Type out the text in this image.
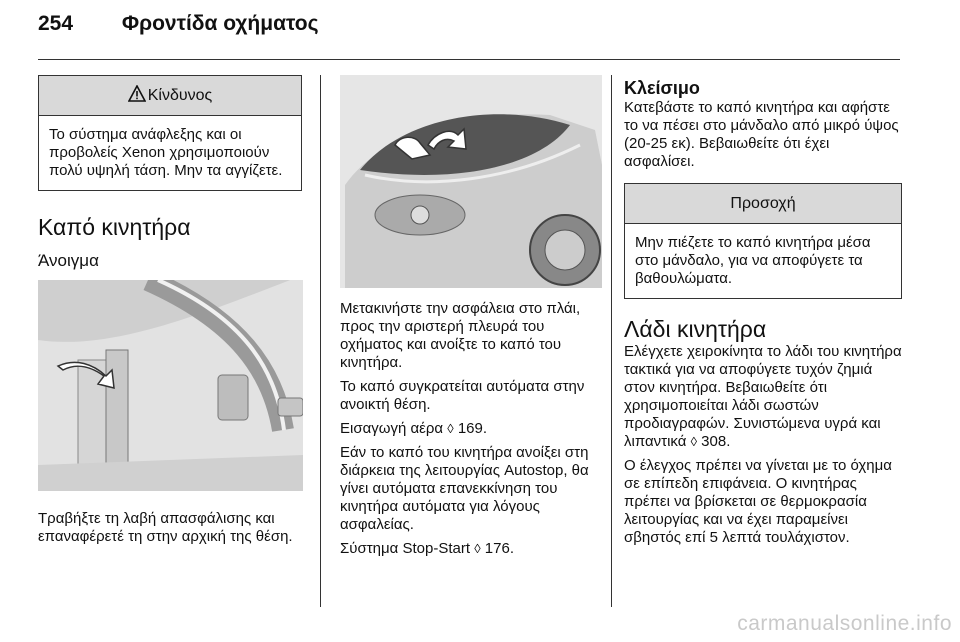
254 Φροντίδα οχήματος
Κίνδυνος
Το σύστημα ανάφλεξης και οι προβολείς Xenon χρησιμοποιούν πολύ υψηλή τάση. Μην τα αγγίζετε.
Καπό κινητήρα
Άνοιγμα

Τραβήξτε τη λαβή απασφάλισης και επαναφέρετέ τη στην αρχική της θέση.

Μετακινήστε την ασφάλεια στο πλάι, προς την αριστερή πλευρά του οχήματος και ανοίξτε το καπό του κινητήρα.

Το καπό συγκρατείται αυτόματα στην ανοικτή θέση.

Εισαγωγή αέρα ◊ 169.

Εάν το καπό του κινητήρα ανοίξει στη διάρκεια της λειτουργίας Autostop, θα γίνει αυτόματα επανεκκίνηση του κινητήρα αυτόματα για λόγους ασφαλείας.

Σύστημα Stop-Start ◊ 176.

Κλείσιμο

Κατεβάστε το καπό κινητήρα και αφήστε το να πέσει στο μάνδαλο από μικρό ύψος (20-25 εκ). Βεβαιωθείτε ότι έχει ασφαλίσει.

Προσοχή
Μην πιέζετε το καπό κινητήρα μέσα στο μάνδαλο, για να αποφύγετε τα βαθουλώματα.
Λάδι κινητήρα

Ελέγχετε χειροκίνητα το λάδι του κινητήρα τακτικά για να αποφύγετε τυχόν ζημιά στον κινητήρα. Βεβαιωθείτε ότι χρησιμοποιείται λάδι σωστών προδιαγραφών. Συνιστώμενα υγρά και λιπαντικά ◊ 308.

Ο έλεγχος πρέπει να γίνεται με το όχημα σε επίπεδη επιφάνεια. Ο κινητήρας πρέπει να βρίσκεται σε θερμοκρασία λειτουργίας και να έχει παραμείνει σβηστός επί 5 λεπτά τουλάχιστον.

carmanualsonline.info
